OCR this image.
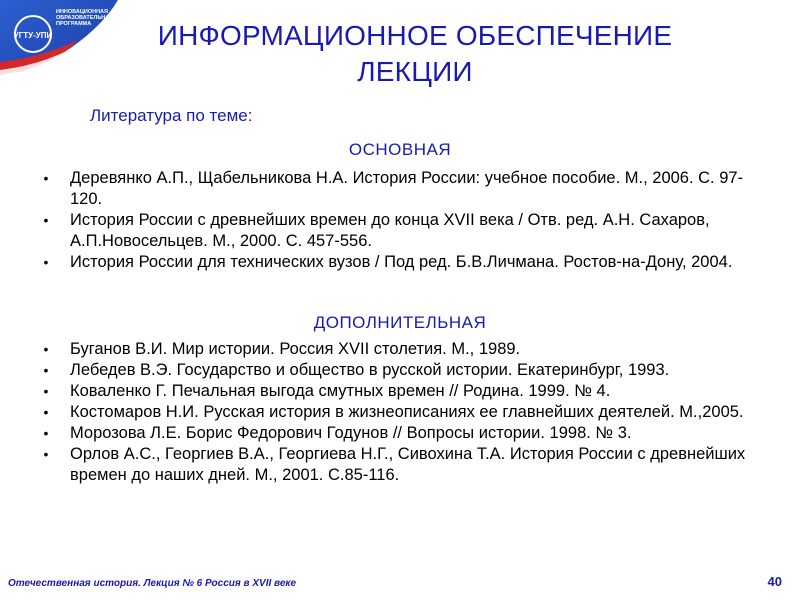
УГТУ-УПИ
ИННОВАЦИОННАЯ ОБРАЗОВАТЕЛЬНАЯ ПРОГРАММА	ИНФОРМАЦИОННОЕ ОБЕСПЕЧЕНИЕ ЛЕКЦИИ
Литература по теме:
ОСНОВНАЯ
• Деревянко А.П., Щабельникова Н.А. История России: учебное пособие. М., 2006. С. 97-120.
• История России с древнейших времен до конца XVII века / Отв. ред. А.Н. Сахаров, А.П.Новосельцев. М., 2000. С. 457-556.
• История России для технических вузов / Под ред. Б.В.Личмана. Ростов-на-Дону, 2004.
ДОПОЛНИТЕЛЬНАЯ
• Буганов В.И. Мир истории. Россия XVII столетия. М., 1989.
• Лебедев В.Э. Государство и общество в русской истории. Екатеринбург, 1993.
• Коваленко Г. Печальная выгода смутных времен // Родина. 1999. № 4.
• Костомаров Н.И. Русская история в жизнеописаниях ее главнейших деятелей. М.,2005.
• Морозова Л.Е. Борис Федорович Годунов // Вопросы истории. 1998. № 3.
• Орлов А.С., Георгиев В.А., Георгиева Н.Г., Сивохина Т.А. История России с древнейших времен до наших дней. М., 2001. С.85-116.
Отечественная история. Лекция № 6 Россия в XVII веке	40
